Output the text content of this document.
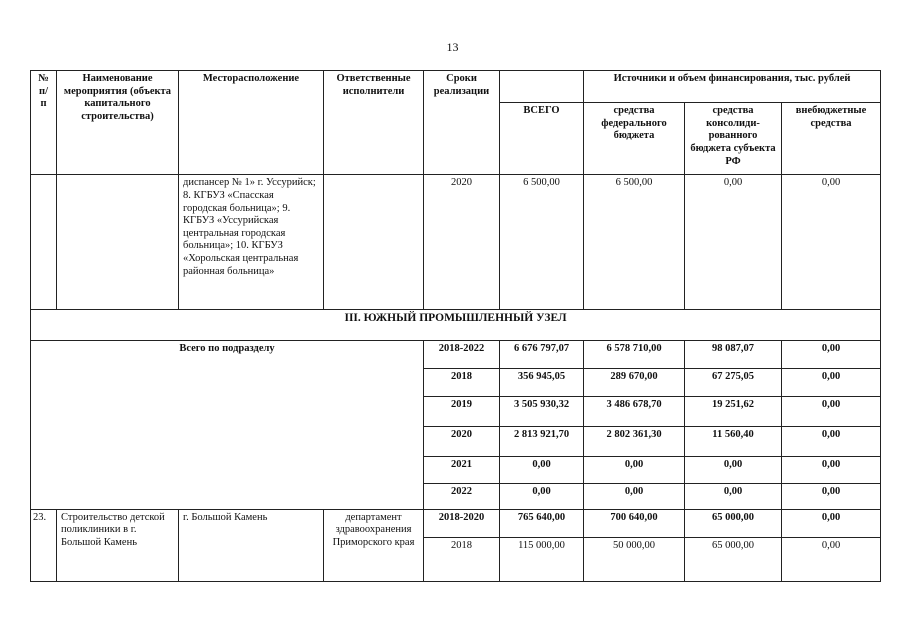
13
№ п/ п	Наименование мероприятия (объекта капитального строительства)	Месторасположение	Ответственные исполнители	Сроки реализации		Источники и объем финансирования, тыс. рублей		
					ВСЕГО	средства федерального бюджета	средства консолиди-рованного бюджета субъекта РФ	внебюджетные средства
		диспансер № 1» г. Уссурийск; 8. КГБУЗ «Спасская городская больница»; 9. КГБУЗ «Уссурийская центральная городская больница»; 10. КГБУЗ «Хорольская центральная районная больница»		2020	6 500,00	6 500,00	0,00	0,00
III. ЮЖНЫЙ ПРОМЫШЛЕННЫЙ УЗЕЛ								
Всего по подразделу				2018-2022	6 676 797,07	6 578 710,00	98 087,07	0,00
				2018	356 945,05	289 670,00	67 275,05	0,00
				2019	3 505 930,32	3 486 678,70	19 251,62	0,00
				2020	2 813 921,70	2 802 361,30	11 560,40	0,00
				2021	0,00	0,00	0,00	0,00
				2022	0,00	0,00	0,00	0,00
23.	Строительство детской поликлиники в г. Большой Камень	г. Большой Камень	департамент здравоохранения Приморского края	2018-2020	765 640,00	700 640,00	65 000,00	0,00
				2018	115 000,00	50 000,00	65 000,00	0,00
